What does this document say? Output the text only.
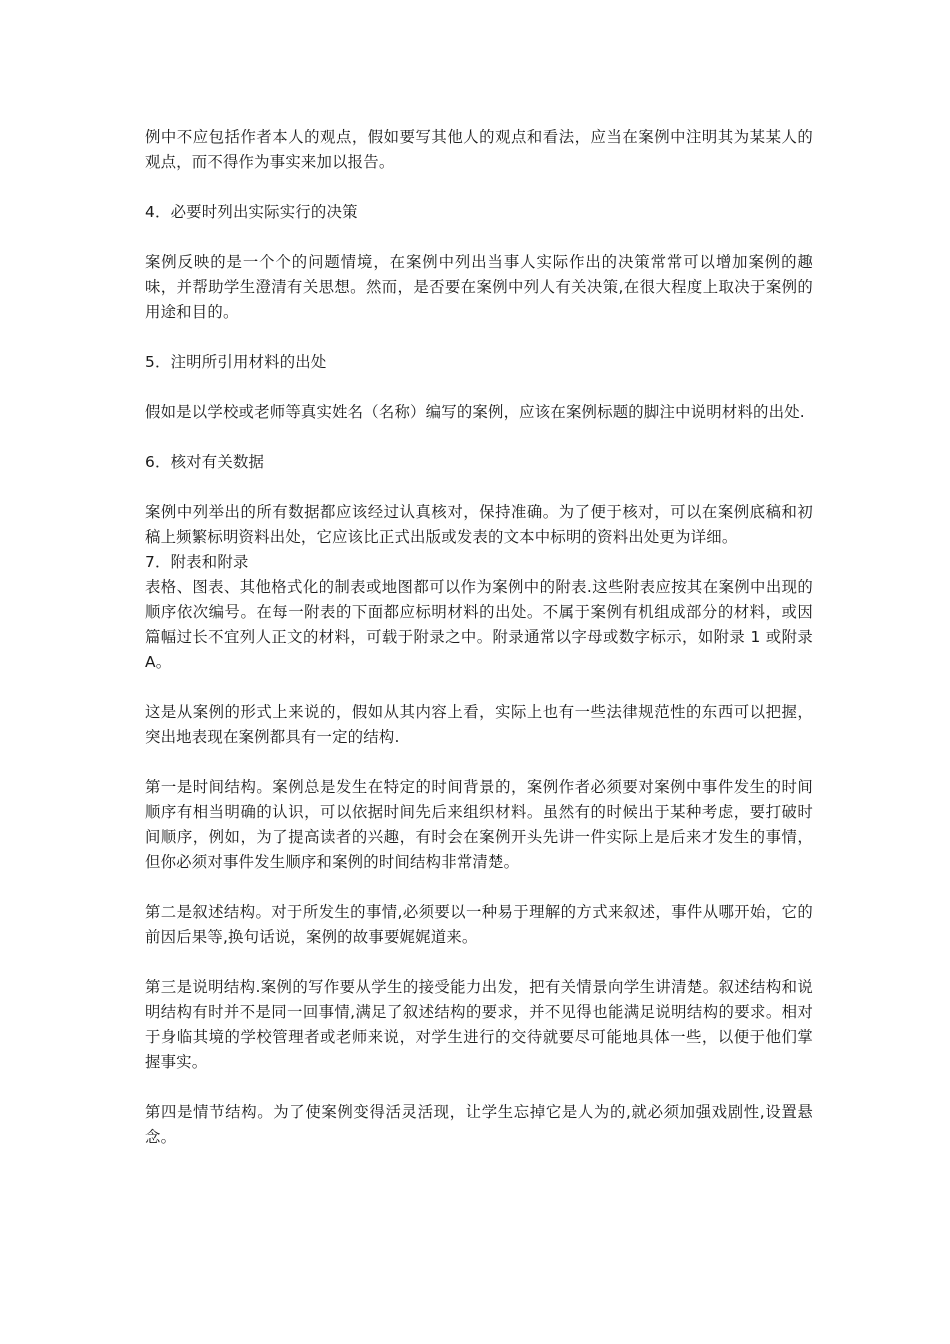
例中不应包括作者本人的观点，假如要写其他人的观点和看法，应当在案例中注明其为某某人的观点，而不得作为事实来加以报告。

4．必要时列出实际实行的决策

案例反映的是一个个的问题情境，在案例中列出当事人实际作出的决策常常可以增加案例的趣味，并帮助学生澄清有关思想。然而，是否要在案例中列人有关决策,在很大程度上取决于案例的用途和目的。

5．注明所引用材料的出处

假如是以学校或老师等真实姓名（名称）编写的案例，应该在案例标题的脚注中说明材料的出处.

6．核对有关数据

案例中列举出的所有数据都应该经过认真核对，保持准确。为了便于核对，可以在案例底稿和初稿上频繁标明资料出处，它应该比正式出版或发表的文本中标明的资料出处更为详细。

7．附表和附录

表格、图表、其他格式化的制表或地图都可以作为案例中的附表.这些附表应按其在案例中出现的顺序依次编号。在每一附表的下面都应标明材料的出处。不属于案例有机组成部分的材料，或因篇幅过长不宜列人正文的材料，可载于附录之中。附录通常以字母或数字标示，如附录 1 或附录 A。

这是从案例的形式上来说的，假如从其内容上看，实际上也有一些法律规范性的东西可以把握，突出地表现在案例都具有一定的结构.

第一是时间结构。案例总是发生在特定的时间背景的，案例作者必须要对案例中事件发生的时间顺序有相当明确的认识，可以依据时间先后来组织材料。虽然有的时候出于某种考虑，要打破时间顺序，例如，为了提高读者的兴趣，有时会在案例开头先讲一件实际上是后来才发生的事情，但你必须对事件发生顺序和案例的时间结构非常清楚。

第二是叙述结构。对于所发生的事情,必须要以一种易于理解的方式来叙述，事件从哪开始，它的前因后果等,换句话说，案例的故事要娓娓道来。

第三是说明结构.案例的写作要从学生的接受能力出发，把有关情景向学生讲清楚。叙述结构和说明结构有时并不是同一回事情,满足了叙述结构的要求，并不见得也能满足说明结构的要求。相对于身临其境的学校管理者或老师来说，对学生进行的交待就要尽可能地具体一些，以便于他们掌握事实。

第四是情节结构。为了使案例变得活灵活现，让学生忘掉它是人为的,就必须加强戏剧性,设置悬念。
